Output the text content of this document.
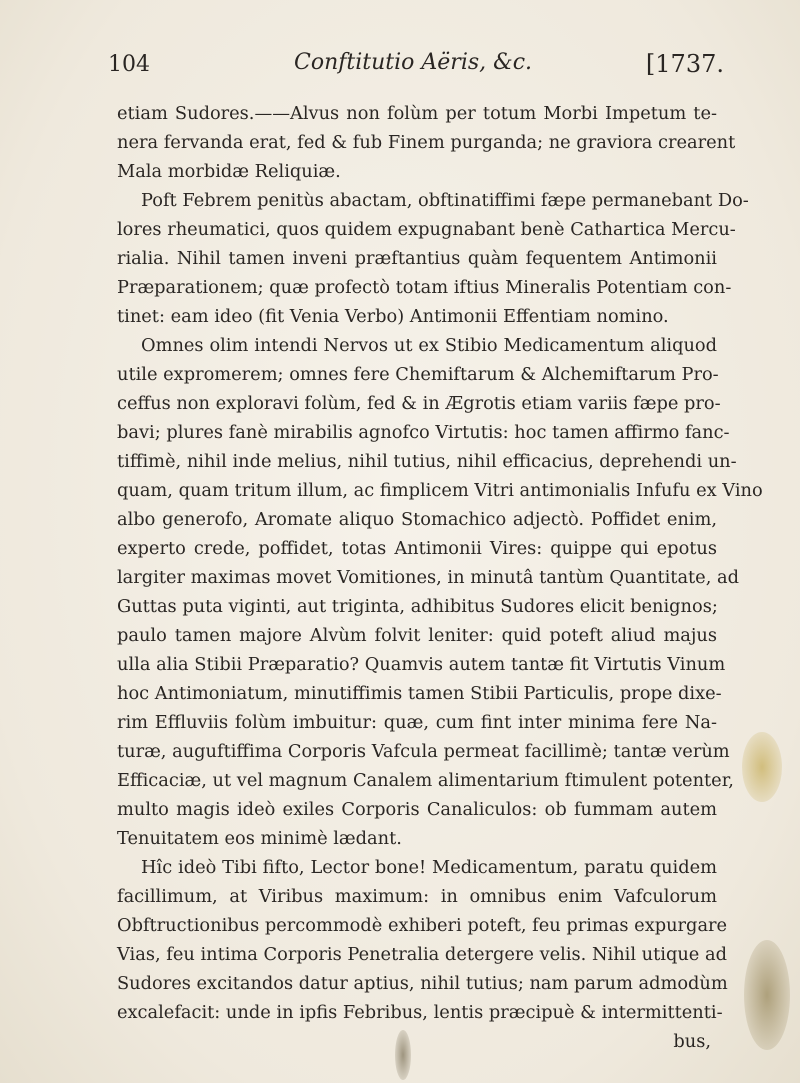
104	Conftitutio Aëris, &c.	[1737.
etiam Sudores.——Alvus non folùm per totum Morbi Impetum te-
nera fervanda erat, fed & fub Finem purganda; ne graviora crearent
Mala morbidæ Reliquiæ.
Poft Febrem penitùs abactam, obftinatiffimi fæpe permanebant Do-
lores rheumatici, quos quidem expugnabant benè Cathartica Mercu-
rialia. Nihil tamen inveni præftantius quàm fequentem Antimonii
Præparationem; quæ profectò totam iftius Mineralis Potentiam con-
tinet: eam ideo (fit Venia Verbo) Antimonii Effentiam nomino.
Omnes olim intendi Nervos ut ex Stibio Medicamentum aliquod
utile expromerem; omnes fere Chemiftarum & Alchemiftarum Pro-
ceffus non exploravi folùm, fed & in Ægrotis etiam variis fæpe pro-
bavi; plures fanè mirabilis agnofco Virtutis: hoc tamen affirmo fanc-
tiffimè, nihil inde melius, nihil tutius, nihil efficacius, deprehendi un-
quam, quam tritum illum, ac fimplicem Vitri antimonialis Infufu ex Vino
albo generofo, Aromate aliquo Stomachico adjectò. Poffidet enim,
experto crede, poffidet, totas Antimonii Vires: quippe qui epotus
largiter maximas movet Vomitiones, in minutâ tantùm Quantitate, ad
Guttas puta viginti, aut triginta, adhibitus Sudores elicit benignos;
paulo tamen majore Alvùm folvit leniter: quid poteft aliud majus
ulla alia Stibii Præparatio? Quamvis autem tantæ fit Virtutis Vinum
hoc Antimoniatum, minutiffimis tamen Stibii Particulis, prope dixe-
rim Effluviis folùm imbuitur: quæ, cum fint inter minima fere Na-
turæ, auguftiffima Corporis Vafcula permeat facillimè; tantæ verùm
Efficaciæ, ut vel magnum Canalem alimentarium ftimulent potenter,
multo magis ideò exiles Corporis Canaliculos: ob fummam autem
Tenuitatem eos minimè lædant.
Hîc ideò Tibi fifto, Lector bone! Medicamentum, paratu quidem
facillimum, at Viribus maximum: in omnibus enim Vafculorum
Obftructionibus percommodè exhiberi poteft, feu primas expurgare
Vias, feu intima Corporis Penetralia detergere velis. Nihil utique ad
Sudores excitandos datur aptius, nihil tutius; nam parum admodùm
excalefacit: unde in ipfis Febribus, lentis præcipuè & intermittenti-
bus,
